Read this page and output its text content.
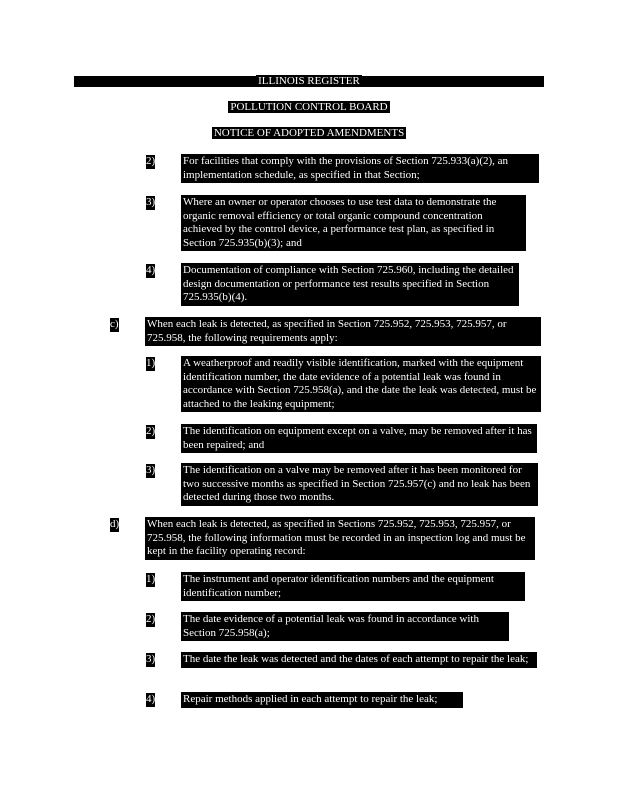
ILLINOIS REGISTER
POLLUTION CONTROL BOARD
NOTICE OF ADOPTED AMENDMENTS
2)	For facilities that comply with the provisions of Section 725.933(a)(2), an implementation schedule, as specified in that Section;
3)	Where an owner or operator chooses to use test data to demonstrate the organic removal efficiency or total organic compound concentration achieved by the control device, a performance test plan, as specified in Section 725.935(b)(3); and
4)	Documentation of compliance with Section 725.960, including the detailed design documentation or performance test results specified in Section 725.935(b)(4).
c)	When each leak is detected, as specified in Section 725.952, 725.953, 725.957, or 725.958, the following requirements apply:
1)	A weatherproof and readily visible identification, marked with the equipment identification number, the date evidence of a potential leak was found in accordance with Section 725.958(a), and the date the leak was detected, must be attached to the leaking equipment;
2)	The identification on equipment except on a valve, may be removed after it has been repaired; and
3)	The identification on a valve may be removed after it has been monitored for two successive months as specified in Section 725.957(c) and no leak has been detected during those two months.
d)	When each leak is detected, as specified in Sections 725.952, 725.953, 725.957, or 725.958, the following information must be recorded in an inspection log and must be kept in the facility operating record:
1)	The instrument and operator identification numbers and the equipment identification number;
2)	The date evidence of a potential leak was found in accordance with Section 725.958(a);
3)	The date the leak was detected and the dates of each attempt to repair the leak;
4)	Repair methods applied in each attempt to repair the leak;
